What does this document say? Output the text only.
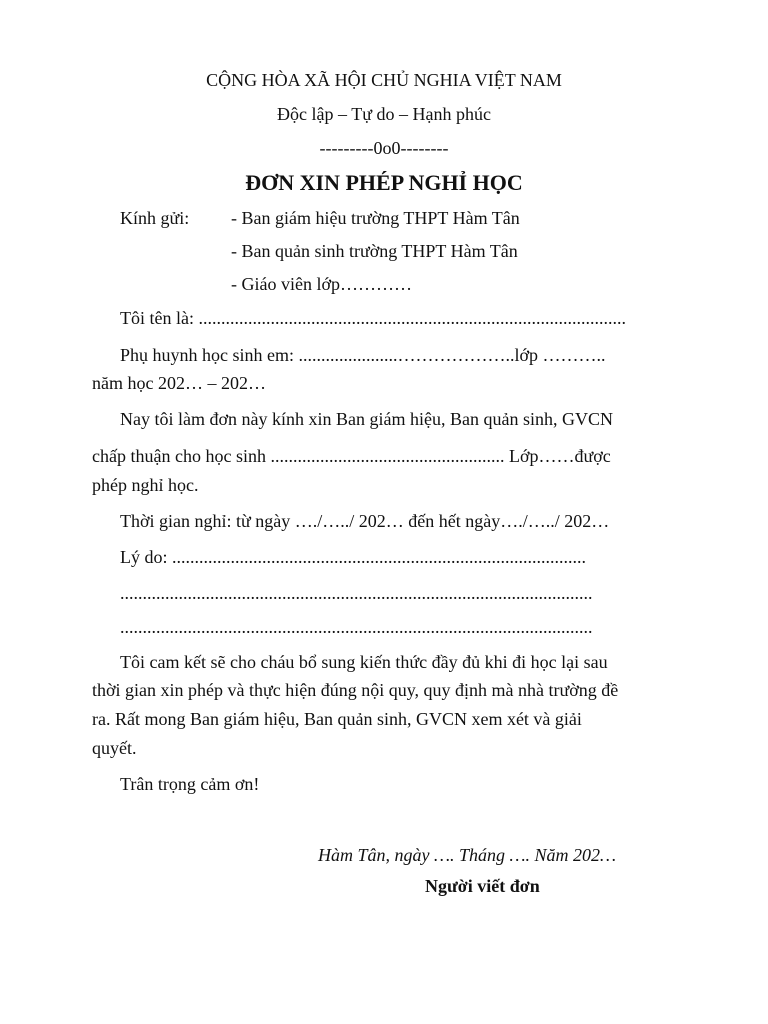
CỘNG HÒA XÃ HỘI CHỦ NGHIA VIỆT NAM
Độc lập – Tự do – Hạnh phúc
---------0o0--------
ĐƠN XIN PHÉP NGHỈ HỌC
Kính gửi: - Ban giám hiệu trường THPT Hàm Tân
- Ban quản sinh trường THPT Hàm Tân
- Giáo viên lớp…………
Tôi tên là: ...............................................................................................
Phụ huynh học sinh em: ......................………………..lớp ………..
năm học 202… – 202…
Nay tôi làm đơn này kính xin Ban giám hiệu, Ban quản sinh, GVCN
chấp thuận cho học sinh .................................................... Lớp……được
phép nghỉ học.
Thời gian nghỉ: từ ngày …./…../ 202… đến hết ngày…./…../ 202…
Lý do: ............................................................................................
.........................................................................................................
.........................................................................................................
Tôi cam kết sẽ cho cháu bổ sung kiến thức đầy đủ khi đi học lại sau
thời gian xin phép và thực hiện đúng nội quy, quy định mà nhà trường đề
ra. Rất mong Ban giám hiệu, Ban quản sinh, GVCN xem xét và giải
quyết.
Trân trọng cảm ơn!
Hàm Tân, ngày …. Tháng …. Năm 202…
Người viết đơn
